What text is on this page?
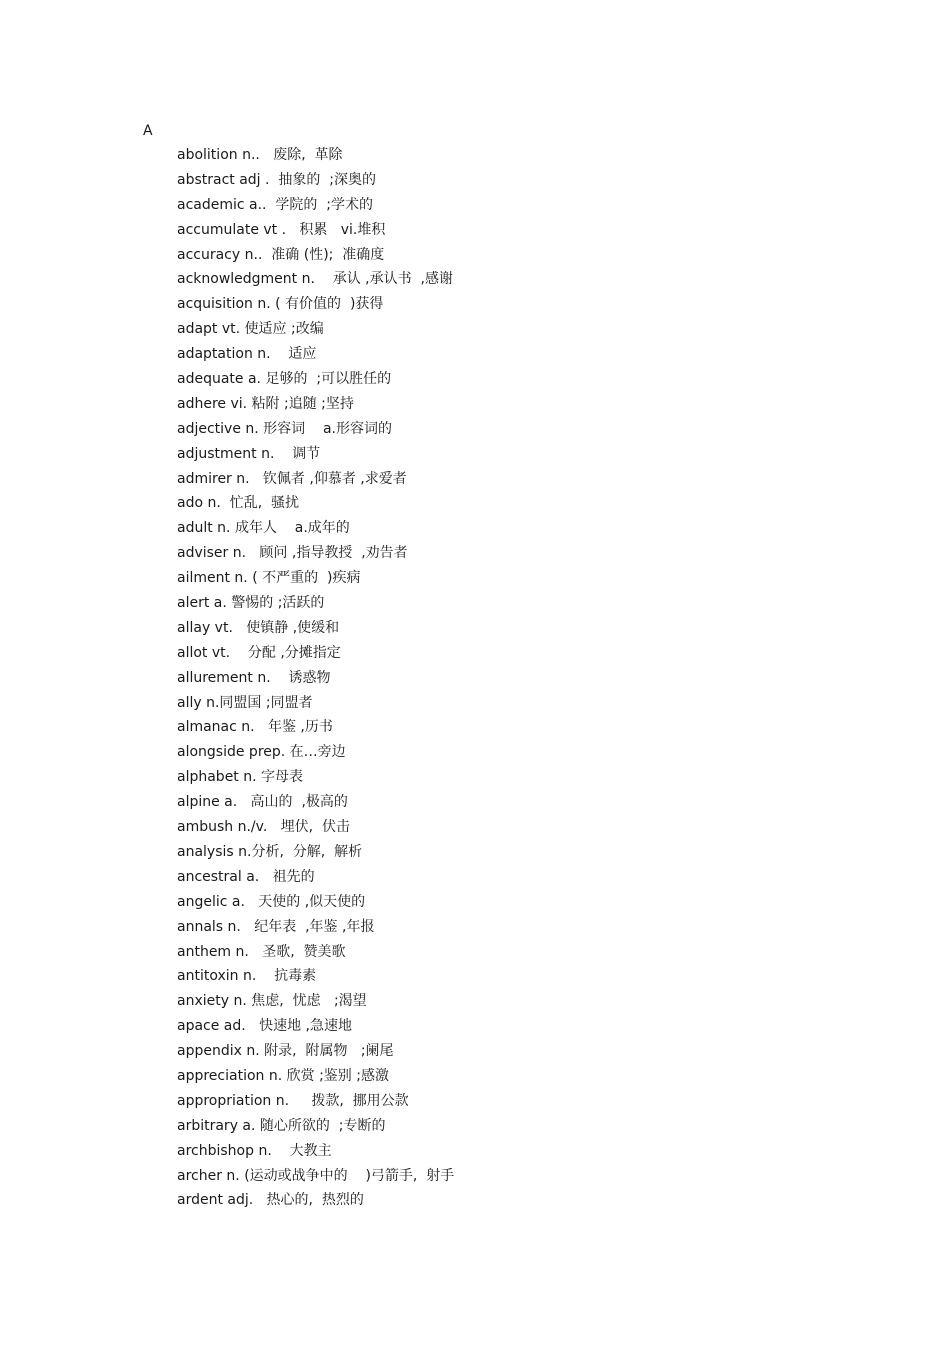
A
abolition n..   废除,  革除
abstract adj .  抽象的  ;深奥的
academic a..  学院的  ;学术的
accumulate vt .   积累   vi.堆积
accuracy n..  准确 (性);  准确度
acknowledgment n.    承认 ,承认书  ,感谢
acquisition n. ( 有价值的  )获得
adapt vt. 使适应 ;改编
adaptation n.    适应
adequate a. 足够的  ;可以胜任的
adhere vi. 粘附 ;追随 ;坚持
adjective n. 形容词    a.形容词的
adjustment n.    调节
admirer n.   钦佩者 ,仰慕者 ,求爱者
ado n.  忙乱,  骚扰
adult n. 成年人    a.成年的
adviser n.   顾问 ,指导教授  ,劝告者
ailment n. ( 不严重的  )疾病
alert a. 警惕的 ;活跃的
allay vt.   使镇静 ,使缓和
allot vt.    分配 ,分摊指定
allurement n.    诱惑物
ally n.同盟国 ;同盟者
almanac n.   年鉴 ,历书
alongside prep. 在…旁边
alphabet n. 字母表
alpine a.   高山的  ,极高的
ambush n./v.   埋伏,  伏击
analysis n.分析,  分解,  解析
ancestral a.   祖先的
angelic a.   天使的 ,似天使的
annals n.   纪年表  ,年鉴 ,年报
anthem n.   圣歌,  赞美歌
antitoxin n.    抗毒素
anxiety n. 焦虑,  忧虑   ;渴望
apace ad.   快速地 ,急速地
appendix n. 附录,  附属物   ;阑尾
appreciation n. 欣赏 ;鉴别 ;感激
appropriation n.     拨款,  挪用公款
arbitrary a. 随心所欲的  ;专断的
archbishop n.    大教主
archer n. (运动或战争中的    )弓箭手,  射手
ardent adj.   热心的,  热烈的
